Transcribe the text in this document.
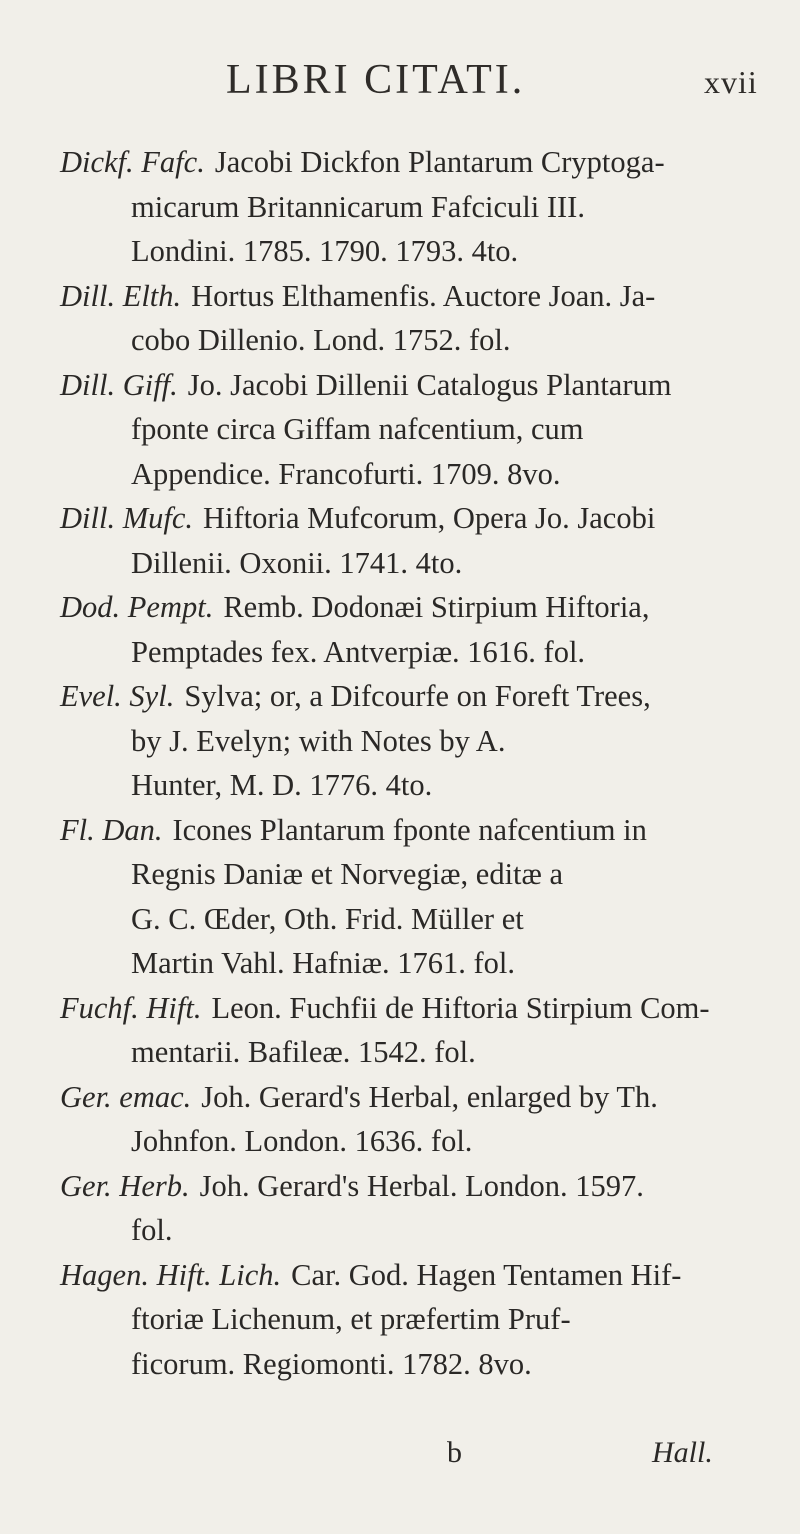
LIBRI CITATI.	xvii
Dickf. Fafc. Jacobi Dickfon Plantarum Cryptoga-
micarum Britannicarum Fafciculi III.
Londini. 1785. 1790. 1793. 4to.
Dill. Elth. Hortus Elthamenfis. Auctore Joan. Ja-
cobo Dillenio. Lond. 1752. fol.
Dill. Giff. Jo. Jacobi Dillenii Catalogus Plantarum
fponte circa Giffam nafcentium, cum
Appendice. Francofurti. 1709. 8vo.
Dill. Mufc. Hiftoria Mufcorum, Opera Jo. Jacobi
Dillenii. Oxonii. 1741. 4to.
Dod. Pempt. Remb. Dodonæi Stirpium Hiftoria,
Pemptades fex. Antverpiæ. 1616. fol.
Evel. Syl. Sylva; or, a Difcourfe on Foreft Trees,
by J. Evelyn; with Notes by A.
Hunter, M. D. 1776. 4to.
Fl. Dan. Icones Plantarum fponte nafcentium in
Regnis Daniæ et Norvegiæ, editæ a
G. C. Œder, Oth. Frid. Müller et
Martin Vahl. Hafniæ. 1761. fol.
Fuchf. Hift. Leon. Fuchfii de Hiftoria Stirpium Com-
mentarii. Bafileæ. 1542. fol.
Ger. emac. Joh. Gerard's Herbal, enlarged by Th.
Johnfon. London. 1636. fol.
Ger. Herb. Joh. Gerard's Herbal. London. 1597.
fol.
Hagen. Hift. Lich. Car. God. Hagen Tentamen Hif-
ftoriæ Lichenum, et præfertim Pruf-
ficorum. Regiomonti. 1782. 8vo.
b	Hall.
